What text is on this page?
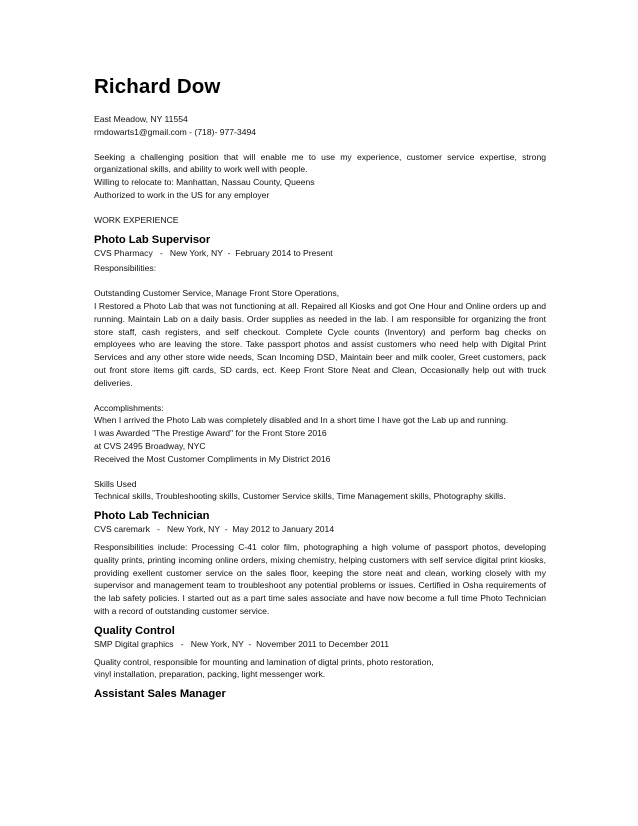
Richard Dow
East Meadow, NY 11554
rmdowarts1@gmail.com - (718)- 977-3494
Seeking a challenging position that will enable me to use my experience, customer service expertise, strong organizational skills, and ability to work well with people.
Willing to relocate to: Manhattan, Nassau County, Queens
Authorized to work in the US for any employer
WORK EXPERIENCE
Photo Lab Supervisor
CVS Pharmacy   -   New York, NY  -  February 2014 to Present
Responsibilities:
Outstanding Customer Service, Manage Front Store Operations,
I Restored a Photo Lab that was not functioning at all. Repaired all Kiosks and got One Hour and Online orders up and running. Maintain Lab on a daily basis. Order supplies as needed in the lab. I am responsible for organizing the front store staff, cash registers, and self checkout. Complete Cycle counts (Inventory) and perform bag checks on employees who are leaving the store. Take passport photos and assist customers who need help with Digital Print Services and any other store wide needs, Scan Incoming DSD, Maintain beer and milk cooler, Greet customers, pack out front store items gift cards, SD cards, ect. Keep Front Store Neat and Clean, Occasionally help out with truck deliveries.
Accomplishments:
When I arrived the Photo Lab was completely disabled and In a short time I have got the Lab up and running.
I was Awarded "The Prestige Award" for the Front Store 2016
at CVS 2495 Broadway, NYC
Received the Most Customer Compliments in My District 2016
Skills Used
Technical skills, Troubleshooting skills, Customer Service skills, Time Management skills, Photography skills.
Photo Lab Technician
CVS caremark   -   New York, NY  -  May 2012 to January 2014
Responsibilities include: Processing C-41 color film, photographing a high volume of passport photos, developing quality prints, printing incoming online orders, mixing chemistry, helping customers with self service digital print kiosks, providing exellent customer service on the sales floor, keeping the store neat and clean, working closely with my supervisor and management team to troubleshoot any potential problems or issues. Certified in Osha requirements of the lab safety policies. I started out as a part time sales associate and have now become a full time Photo Technician with a record of outstanding customer service.
Quality Control
SMP Digital graphics   -   New York, NY  -  November 2011 to December 2011
Quality control, responsible for mounting and lamination of digtal prints, photo restoration,
vinyl installation, preparation, packing, light messenger work.
Assistant Sales Manager
